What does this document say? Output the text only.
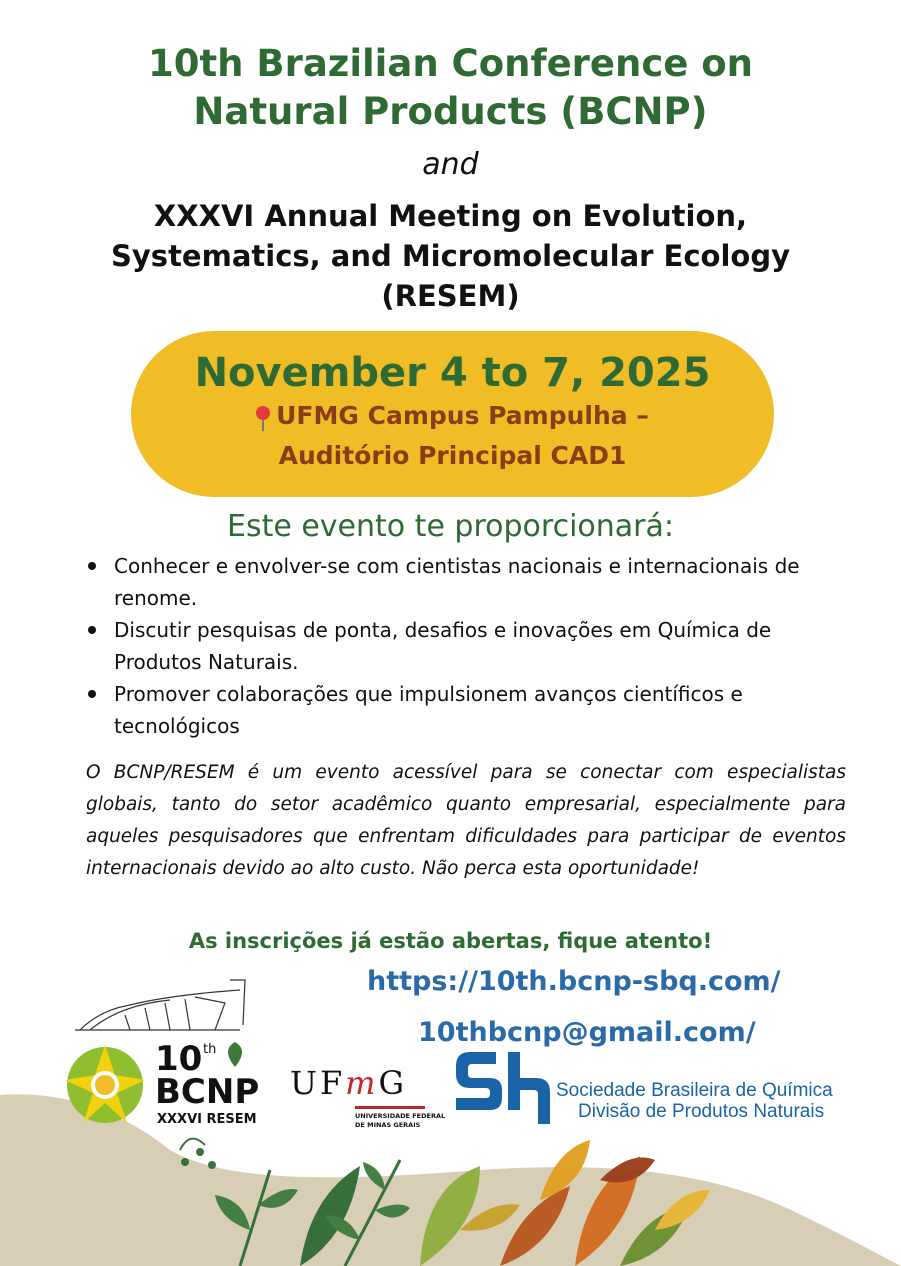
10th Brazilian Conference on
Natural Products (BCNP)
and
XXXVI Annual Meeting on Evolution,
Systematics, and Micromolecular Ecology
(RESEM)
November 4 to 7, 2025
UFMG Campus Pampulha –
Auditório Principal CAD1
Este evento te proporcionará:
Conhecer e envolver-se com cientistas nacionais e internacionais de renome.
Discutir pesquisas de ponta, desafios e inovações em Química de Produtos Naturais.
Promover colaborações que impulsionem avanços científicos e tecnológicos
O BCNP/RESEM é um evento acessível para se conectar com especialistas globais, tanto do setor acadêmico quanto empresarial, especialmente para aqueles pesquisadores que enfrentam dificuldades para participar de eventos internacionais devido ao alto custo. Não perca esta oportunidade!
As inscrições já estão abertas, fique atento!
https://10th.bcnp-sbq.com/
10thbcnp@gmail.com/
10 th
BCNP
XXXVI RESEM
UFmG
UNIVERSIDADE FEDERAL
DE MINAS GERAIS
Sociedade Brasileira de Química
Divisão de Produtos Naturais
